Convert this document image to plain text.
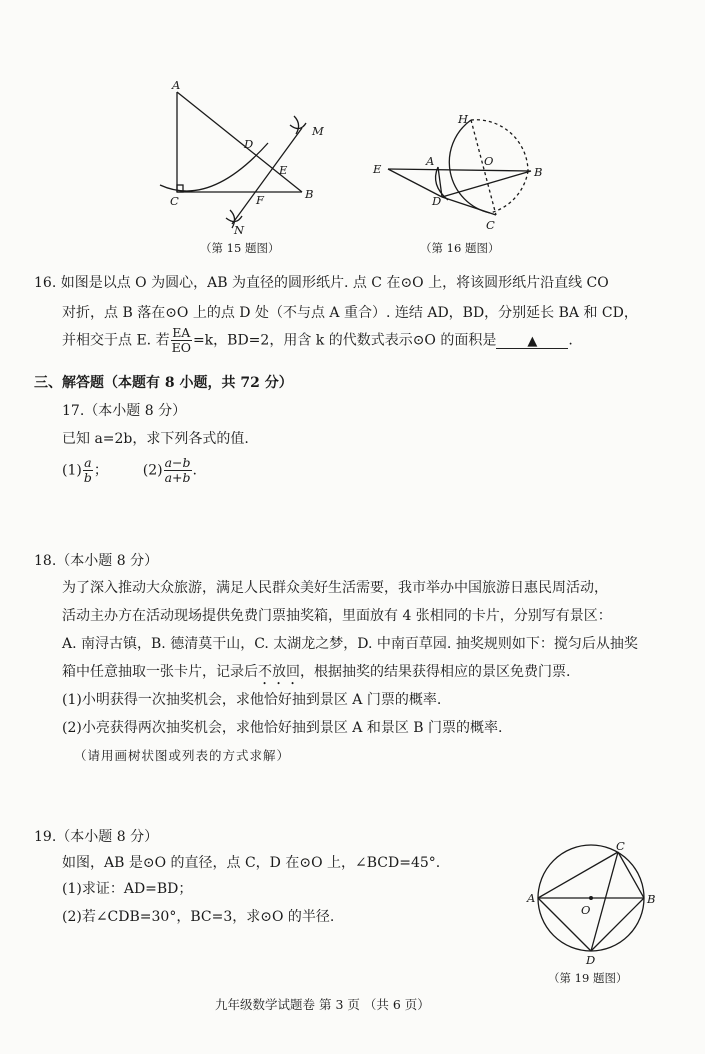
A
C
D
E
B
F
M
N
（第 15 题图）
H
E
A	O
B
D
C
（第 16 题图）
16. 如图是以点 O 为圆心，AB 为直径的圆形纸片. 点 C 在⊙O 上，将该圆形纸片沿直线 CO
对折，点 B 落在⊙O 上的点 D 处（不与点 A 重合）. 连结 AD，BD，分别延长 BA 和 CD，
并相交于点 E. 若 $\frac{EA}{EO} =k$，BD=2，用含 k 的代数式表示⊙O 的面积是 ▲ .
三、解答题（本题有 8 小题，共 72 分）
17.（本小题 8 分）
已知 a=2b，求下列各式的值.
$(1) \frac{a}{b}$ ； $(2) \frac{a-b}{a+b}$ .
18.（本小题 8 分）
为了深入推动大众旅游，满足人民群众美好生活需要，我市举办中国旅游日惠民周活动，
活动主办方在活动现场提供免费门票抽奖箱，里面放有 4 张相同的卡片，分别写有景区：
A. 南浔古镇，B. 德清莫干山，C. 太湖龙之梦，D. 中南百草园. 抽奖规则如下：搅匀后从抽奖
箱中任意抽取一张卡片，记录后不放回，根据抽奖的结果获得相应的景区免费门票.
(1)小明获得一次抽奖机会，求他恰好抽到景区 A 门票的概率.
(2)小亮获得两次抽奖机会，求他恰好抽到景区 A 和景区 B 门票的概率.
（请用画树状图或列表的方式求解）
19.（本小题 8 分）
如图，AB 是⊙O 的直径，点 C，D 在⊙O 上，∠BCD=45°.
(1)求证：AD=BD；
(2)若∠CDB=30°，BC=3，求⊙O 的半径.
A	B
C
D
O
（第 19 题图）
九年级数学试题卷 第 3 页 （共 6 页）
